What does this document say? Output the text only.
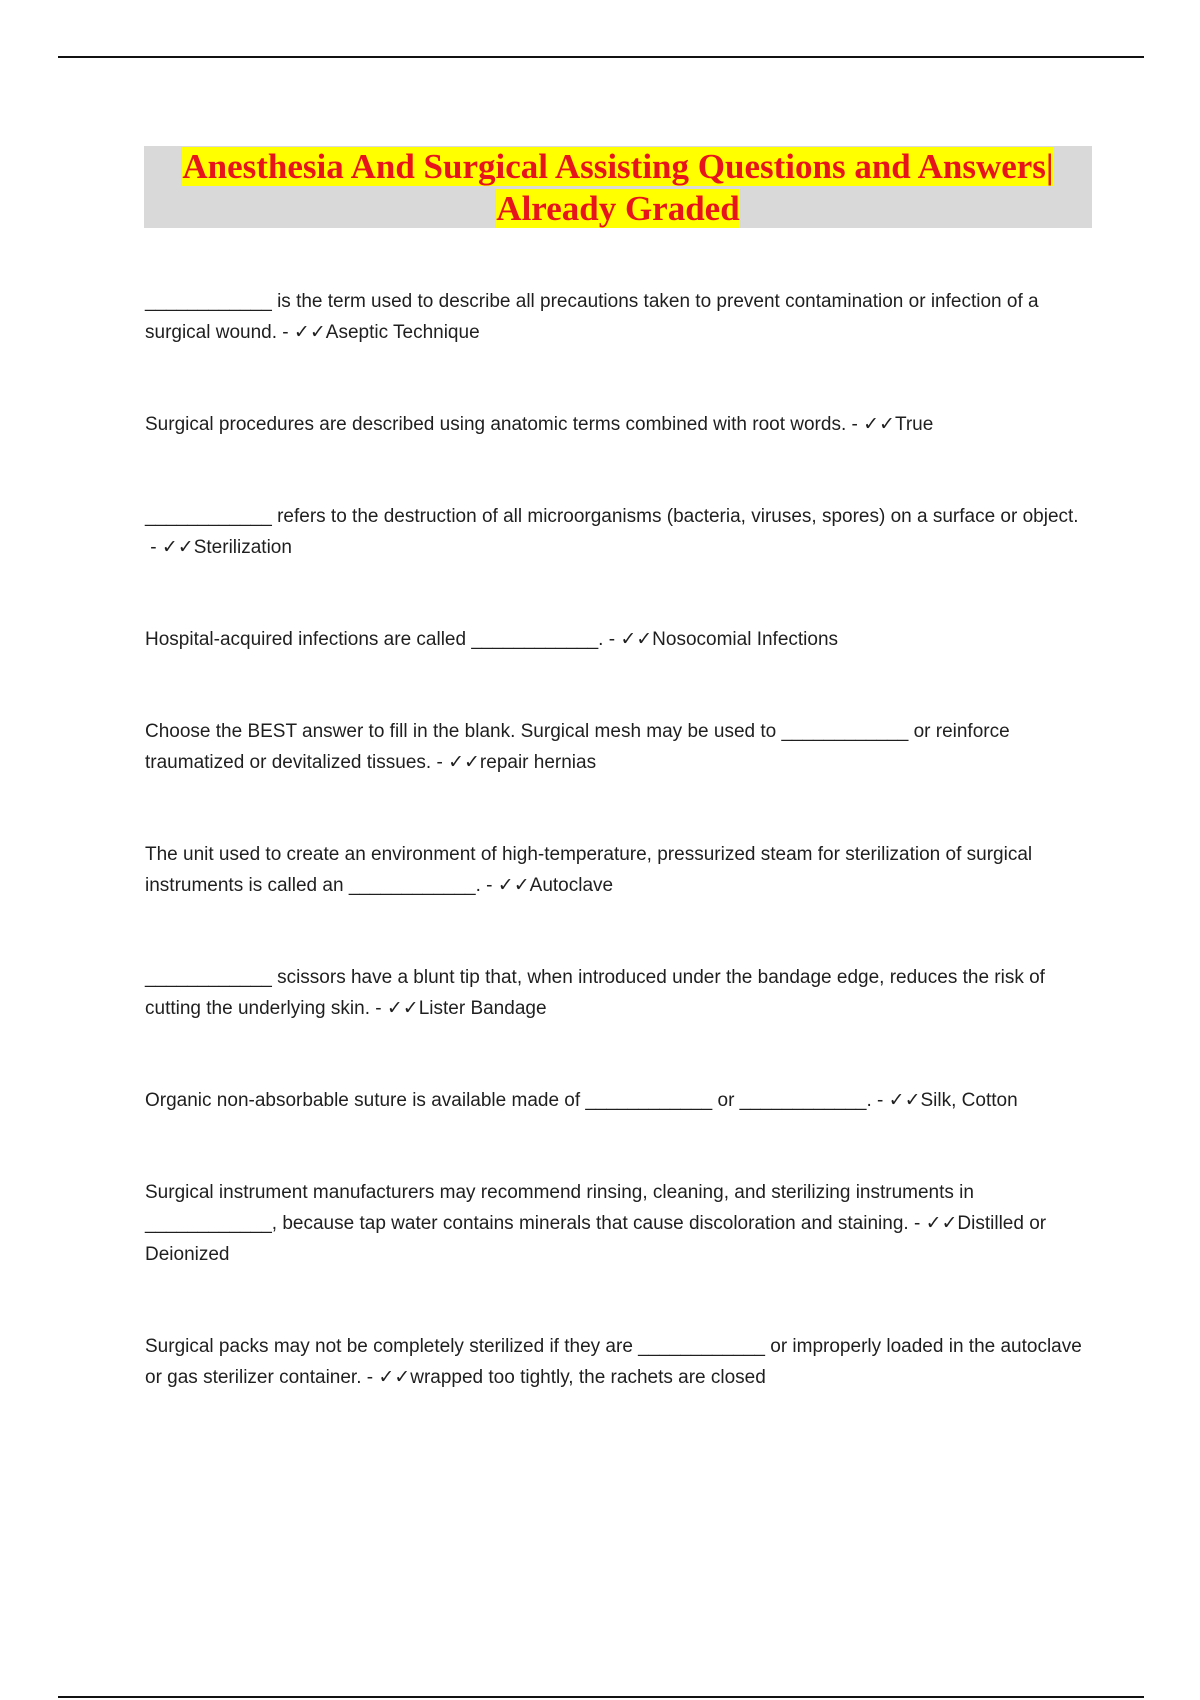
Anesthesia And Surgical Assisting Questions and Answers|
Already Graded
____________ is the term used to describe all precautions taken to prevent contamination or infection of a surgical wound. - ✓✓Aseptic Technique
Surgical procedures are described using anatomic terms combined with root words. - ✓✓True
____________ refers to the destruction of all microorganisms (bacteria, viruses, spores) on a surface or object. - ✓✓Sterilization
Hospital-acquired infections are called ____________. - ✓✓Nosocomial Infections
Choose the BEST answer to fill in the blank. Surgical mesh may be used to ____________ or reinforce traumatized or devitalized tissues. - ✓✓repair hernias
The unit used to create an environment of high-temperature, pressurized steam for sterilization of surgical instruments is called an ____________. - ✓✓Autoclave
____________ scissors have a blunt tip that, when introduced under the bandage edge, reduces the risk of cutting the underlying skin. - ✓✓Lister Bandage
Organic non-absorbable suture is available made of ____________ or ____________. - ✓✓Silk, Cotton
Surgical instrument manufacturers may recommend rinsing, cleaning, and sterilizing instruments in ____________, because tap water contains minerals that cause discoloration and staining. - ✓✓Distilled or Deionized
Surgical packs may not be completely sterilized if they are ____________ or improperly loaded in the autoclave or gas sterilizer container. - ✓✓wrapped too tightly, the rachets are closed
